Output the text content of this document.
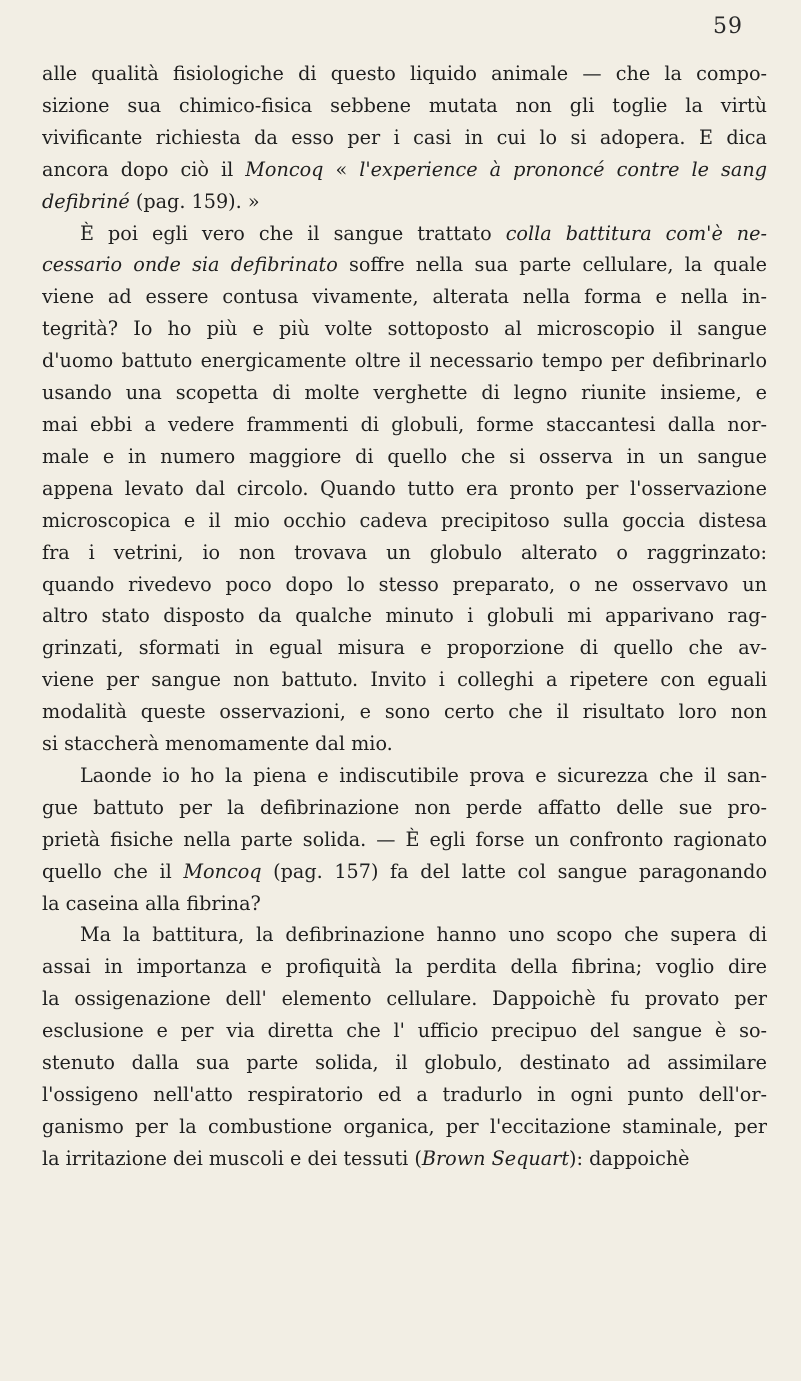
59
alle qualità fisiologiche di questo liquido animale — che la compo-
sizione sua chimico-fisica sebbene mutata non gli toglie la virtù
vivificante richiesta da esso per i casi in cui lo si adopera. E dica
ancora dopo ciò il Moncoq « l'experience à prononcé contre le sang
defibriné (pag. 159). »
È poi egli vero che il sangue trattato colla battitura com'è ne-
cessario onde sia defibrinato soffre nella sua parte cellulare, la quale
viene ad essere contusa vivamente, alterata nella forma e nella in-
tegrità? Io ho più e più volte sottoposto al microscopio il sangue
d'uomo battuto energicamente oltre il necessario tempo per defibrinarlo
usando una scopetta di molte verghette di legno riunite insieme, e
mai ebbi a vedere frammenti di globuli, forme staccantesi dalla nor-
male e in numero maggiore di quello che si osserva in un sangue
appena levato dal circolo. Quando tutto era pronto per l'osservazione
microscopica e il mio occhio cadeva precipitoso sulla goccia distesa
fra i vetrini, io non trovava un globulo alterato o raggrinzato:
quando rivedevo poco dopo lo stesso preparato, o ne osservavo un
altro stato disposto da qualche minuto i globuli mi apparivano rag-
grinzati, sformati in egual misura e proporzione di quello che av-
viene per sangue non battuto. Invito i colleghi a ripetere con eguali
modalità queste osservazioni, e sono certo che il risultato loro non
si staccherà menomamente dal mio.
Laonde io ho la piena e indiscutibile prova e sicurezza che il san-
gue battuto per la defibrinazione non perde affatto delle sue pro-
prietà fisiche nella parte solida. — È egli forse un confronto ragionato
quello che il Moncoq (pag. 157) fa del latte col sangue paragonando
la caseina alla fibrina?
Ma la battitura, la defibrinazione hanno uno scopo che supera di
assai in importanza e profiquità la perdita della fibrina; voglio dire
la ossigenazione dell' elemento cellulare. Dappoichè fu provato per
esclusione e per via diretta che l' ufficio precipuo del sangue è so-
stenuto dalla sua parte solida, il globulo, destinato ad assimilare
l'ossigeno nell'atto respiratorio ed a tradurlo in ogni punto dell'or-
ganismo per la combustione organica, per l'eccitazione staminale, per
la irritazione dei muscoli e dei tessuti (Brown Sequart): dappoichè
